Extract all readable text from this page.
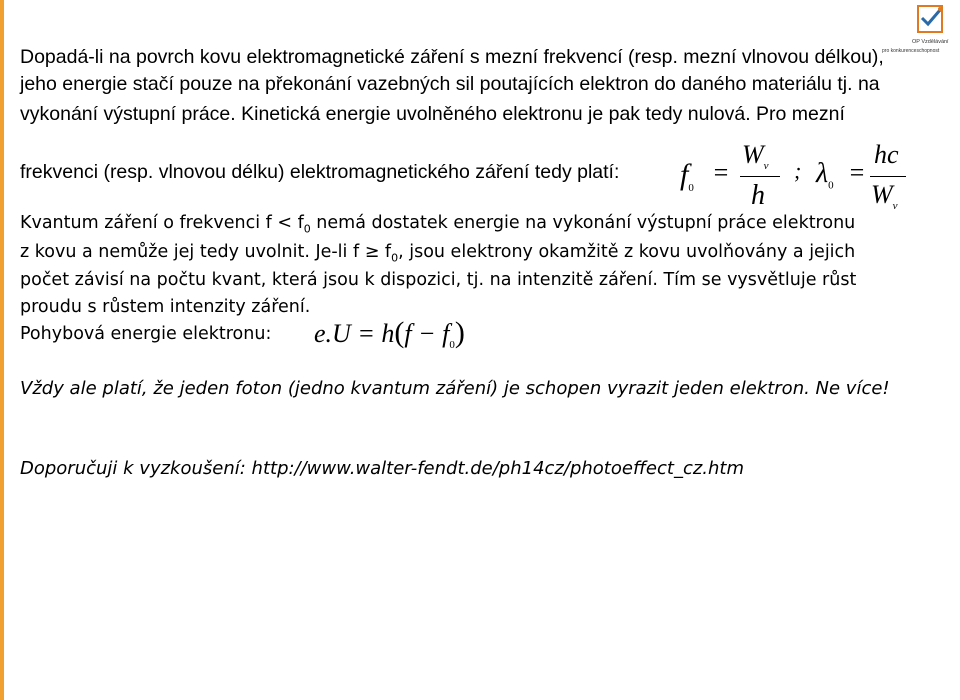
OP Vzdělávání
pro konkurenceschopnost
Dopadá-li na povrch kovu elektromagnetické záření s mezní frekvencí (resp. mezní vlnovou délkou),
jeho energie stačí pouze na překonání vazebných sil poutajících elektron do daného materiálu tj. na
vykonání výstupní práce. Kinetická energie uvolněného elektronu je pak tedy nulová. Pro mezní
frekvenci (resp. vlnovou délku) elektromagnetického záření tedy platí: $f_0$
=
$W_v$
h
; $\lambda_0$ =
hc
$W_v$
Kvantum záření o frekvenci $f < f_0$ nemá dostatek energie na vykonání výstupní práce elektronu
z kovu a nemůže jej tedy uvolnit. Je-li $f \ge f_0$, jsou elektrony okamžitě z kovu uvolňovány a jejich
počet závisí na počtu kvant, která jsou k dispozici, tj. na intenzitě záření. Tím se vysvětluje růst
proudu s růstem intenzity záření.
Pohybová energie elektronu: $e.U = h(f - f_0)$
Vždy ale platí, že jeden foton (jedno kvantum záření) je schopen vyrazit jeden elektron. Ne více!
Doporučuji k vyzkoušení: http://www.walter-fendt.de/ph14cz/photoeffect_cz.htm
